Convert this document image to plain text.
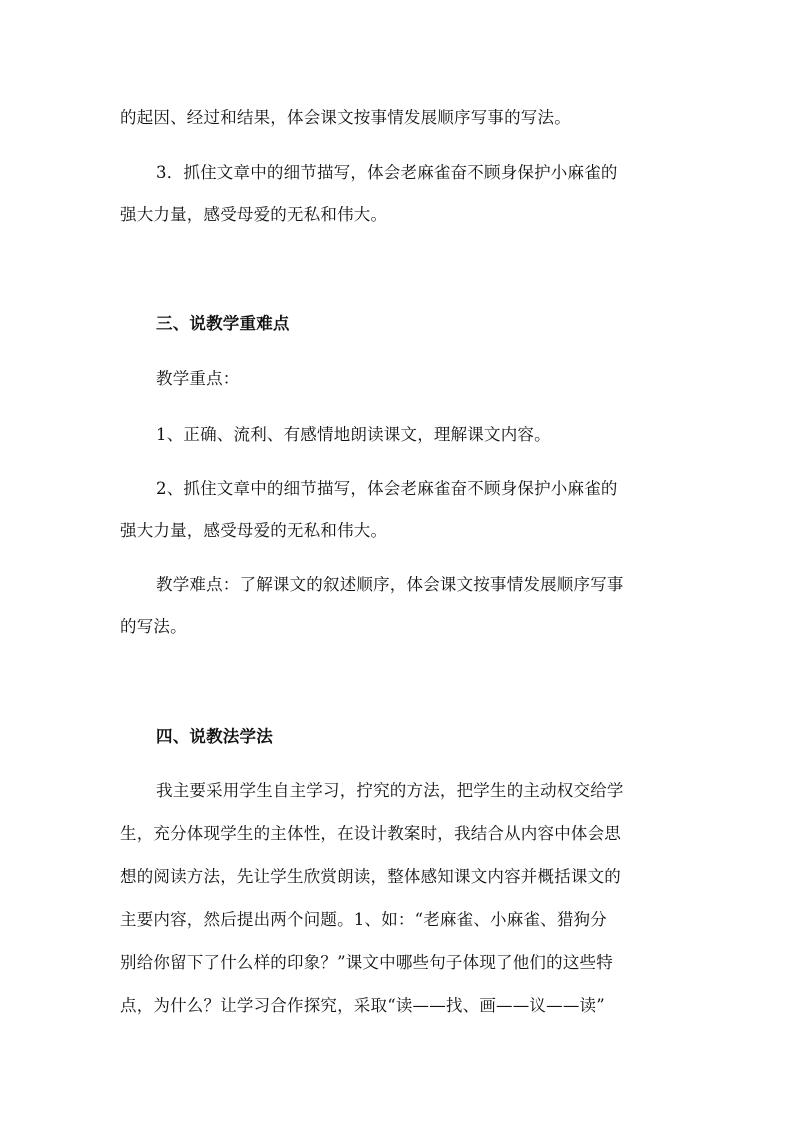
的起因、经过和结果，体会课文按事情发展顺序写事的写法。
3．抓住文章中的细节描写，体会老麻雀奋不顾身保护小麻雀的
强大力量，感受母爱的无私和伟大。
三、说教学重难点
教学重点：
1、正确、流利、有感情地朗读课文，理解课文内容。
2、抓住文章中的细节描写，体会老麻雀奋不顾身保护小麻雀的
强大力量，感受母爱的无私和伟大。
教学难点：了解课文的叙述顺序，体会课文按事情发展顺序写事
的写法。
四、说教法学法
我主要采用学生自主学习，拧究的方法，把学生的主动权交给学
生，充分体现学生的主体性，在设计教案时，我结合从内容中体会思
想的阅读方法，先让学生欣赏朗读，整体感知课文内容并概括课文的
主要内容，然后提出两个问题。1、如：“老麻雀、小麻雀、猎狗分
别给你留下了什么样的印象？”课文中哪些句子体现了他们的这些特
点，为什么？让学习合作探究，采取“读——找、画——议——读”
